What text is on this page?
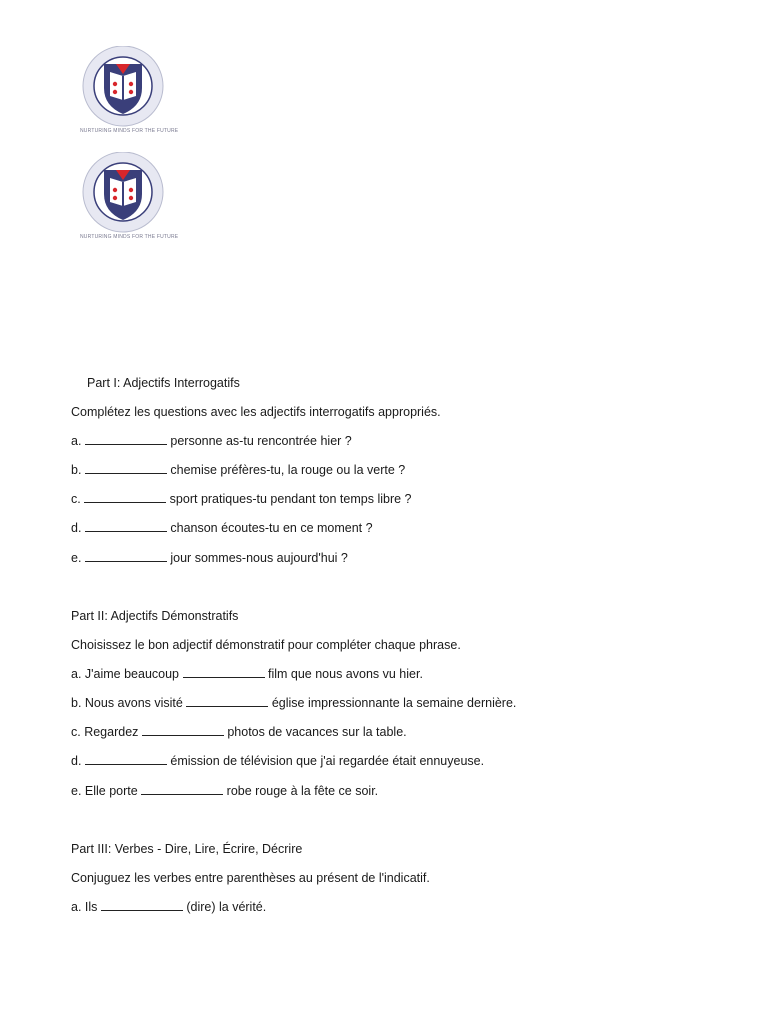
NURTURING MINDS FOR THE FUTURE
NURTURING MINDS FOR THE FUTURE
Part I: Adjectifs Interrogatifs
Complétez les questions avec les adjectifs interrogatifs appropriés.
a.	personne as-tu rencontrée hier ?
b.	chemise préfères-tu, la rouge ou la verte ?
c.	sport pratiques-tu pendant ton temps libre ?
d.	chanson écoutes-tu en ce moment ?
e.	jour sommes-nous aujourd'hui ?
Part II: Adjectifs Démonstratifs
Choisissez le bon adjectif démonstratif pour compléter chaque phrase.
a. J'aime beaucoup	film que nous avons vu hier.
b. Nous avons visité	église impressionnante la semaine dernière.
c. Regardez	photos de vacances sur la table.
d.	émission de télévision que j'ai regardée était ennuyeuse.
e. Elle porte	robe rouge à la fête ce soir.
Part III: Verbes - Dire, Lire, Écrire, Décrire
Conjuguez les verbes entre parenthèses au présent de l'indicatif.
a. Ils	(dire) la vérité.
